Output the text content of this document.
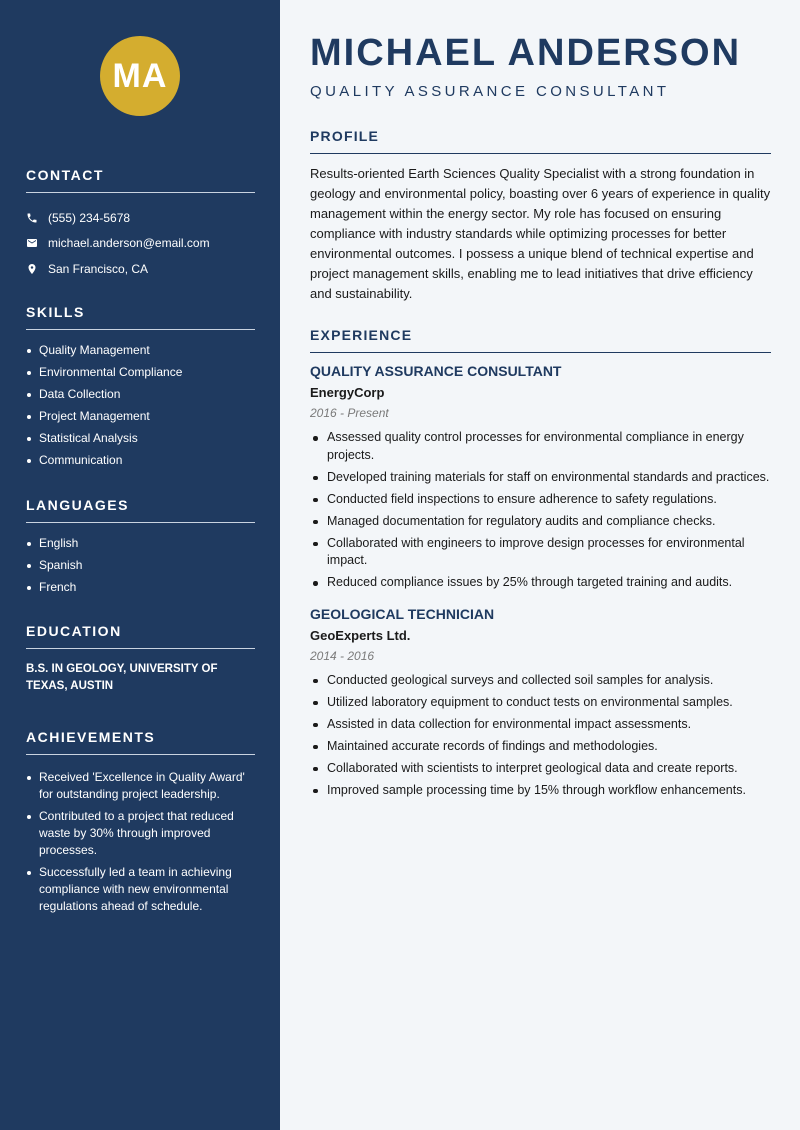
MA
CONTACT
(555) 234-5678
michael.anderson@email.com
San Francisco, CA
SKILLS
Quality Management
Environmental Compliance
Data Collection
Project Management
Statistical Analysis
Communication
LANGUAGES
English
Spanish
French
EDUCATION
B.S. IN GEOLOGY, UNIVERSITY OF TEXAS, AUSTIN
ACHIEVEMENTS
Received 'Excellence in Quality Award' for outstanding project leadership.
Contributed to a project that reduced waste by 30% through improved processes.
Successfully led a team in achieving compliance with new environmental regulations ahead of schedule.
MICHAEL ANDERSON
QUALITY ASSURANCE CONSULTANT
PROFILE
Results-oriented Earth Sciences Quality Specialist with a strong foundation in geology and environmental policy, boasting over 6 years of experience in quality management within the energy sector. My role has focused on ensuring compliance with industry standards while optimizing processes for better environmental outcomes. I possess a unique blend of technical expertise and project management skills, enabling me to lead initiatives that drive efficiency and sustainability.
EXPERIENCE
QUALITY ASSURANCE CONSULTANT
EnergyCorp
2016 - Present
Assessed quality control processes for environmental compliance in energy projects.
Developed training materials for staff on environmental standards and practices.
Conducted field inspections to ensure adherence to safety regulations.
Managed documentation for regulatory audits and compliance checks.
Collaborated with engineers to improve design processes for environmental impact.
Reduced compliance issues by 25% through targeted training and audits.
GEOLOGICAL TECHNICIAN
GeoExperts Ltd.
2014 - 2016
Conducted geological surveys and collected soil samples for analysis.
Utilized laboratory equipment to conduct tests on environmental samples.
Assisted in data collection for environmental impact assessments.
Maintained accurate records of findings and methodologies.
Collaborated with scientists to interpret geological data and create reports.
Improved sample processing time by 15% through workflow enhancements.
